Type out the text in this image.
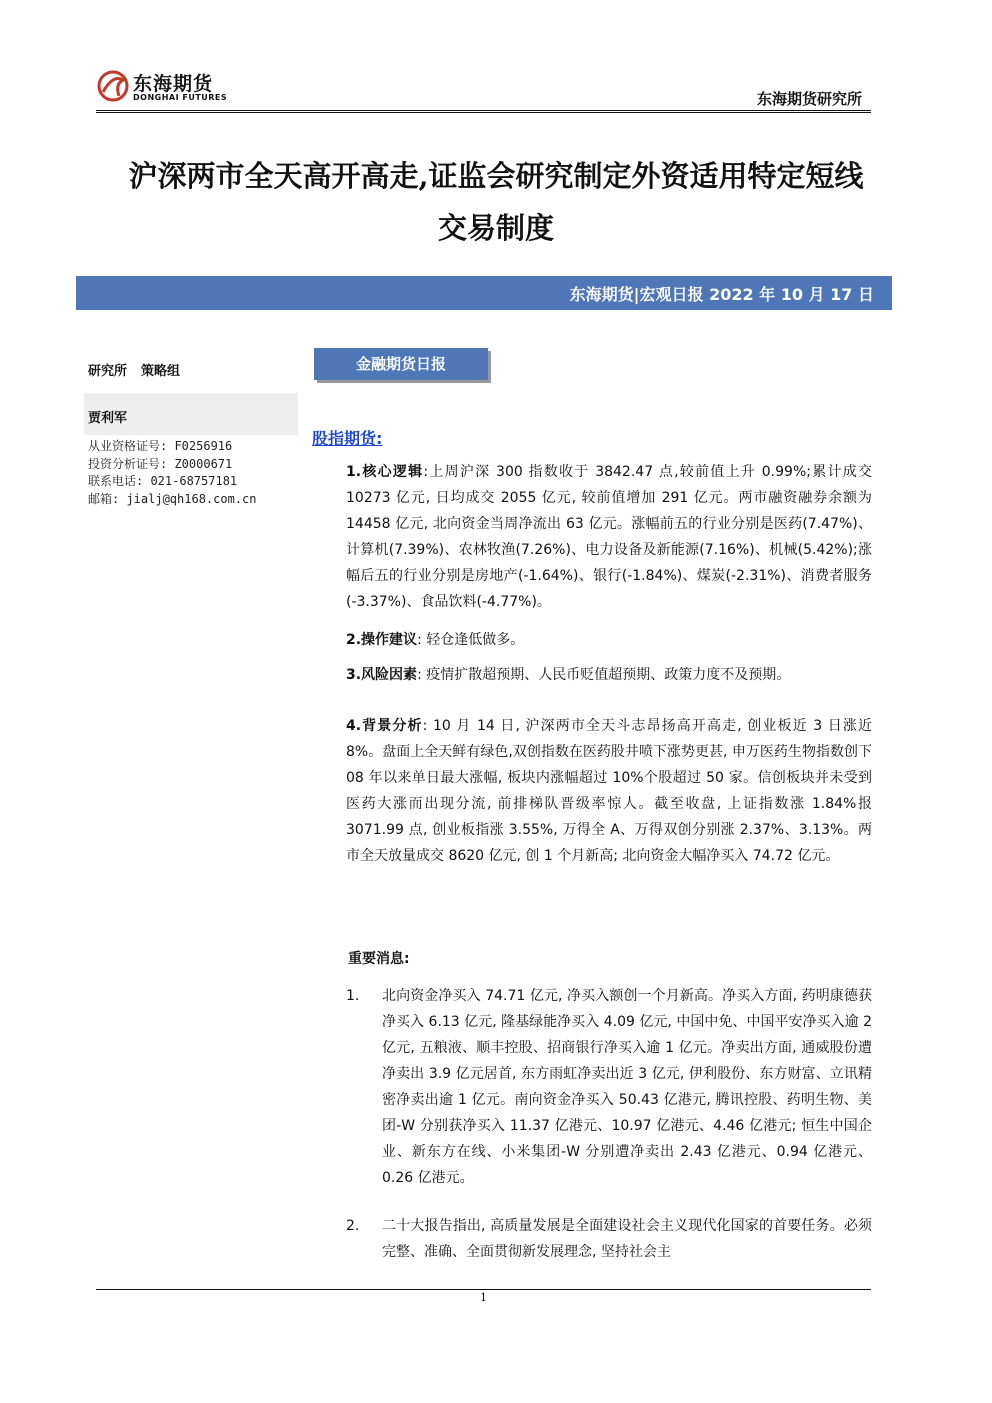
东海期货
DONGHAI FUTURES	东海期货研究所
沪深两市全天高开高走,证监会研究制定外资适用特定短线
交易制度
东海期货|宏观日报 2022 年 10 月 17 日
研究所 策略组
贾利军
从业资格证号: F0256916
投资分析证号: Z0000671
联系电话: 021-68757181
邮箱: jialj@qh168.com.cn
金融期货日报
股指期货:
1.核心逻辑:上周沪深 300 指数收于 3842.47 点,较前值上升 0.99%;累计成交 10273 亿元, 日均成交 2055 亿元, 较前值增加 291 亿元。两市融资融券余额为 14458 亿元, 北向资金当周净流出 63 亿元。涨幅前五的行业分别是医药(7.47%)、计算机(7.39%)、农林牧渔(7.26%)、电力设备及新能源(7.16%)、机械(5.42%);涨幅后五的行业分别是房地产(-1.64%)、银行(-1.84%)、煤炭(-2.31%)、消费者服务(-3.37%)、食品饮料(-4.77%)。
2.操作建议: 轻仓逢低做多。
3.风险因素: 疫情扩散超预期、人民币贬值超预期、政策力度不及预期。
4.背景分析: 10 月 14 日, 沪深两市全天斗志昂扬高开高走, 创业板近 3 日涨近 8%。盘面上全天鲜有绿色,双创指数在医药股井喷下涨势更甚, 申万医药生物指数创下 08 年以来单日最大涨幅, 板块内涨幅超过 10%个股超过 50 家。信创板块并未受到医药大涨而出现分流, 前排梯队晋级率惊人。截至收盘, 上证指数涨 1.84%报 3071.99 点, 创业板指涨 3.55%, 万得全 A、万得双创分别涨 2.37%、3.13%。两市全天放量成交 8620 亿元, 创 1 个月新高; 北向资金大幅净买入 74.72 亿元。
重要消息:
1. 北向资金净买入 74.71 亿元, 净买入额创一个月新高。净买入方面, 药明康德获净买入 6.13 亿元, 隆基绿能净买入 4.09 亿元, 中国中免、中国平安净买入逾 2 亿元, 五粮液、顺丰控股、招商银行净买入逾 1 亿元。净卖出方面, 通威股份遭净卖出 3.9 亿元居首, 东方雨虹净卖出近 3 亿元, 伊利股份、东方财富、立讯精密净卖出逾 1 亿元。南向资金净买入 50.43 亿港元, 腾讯控股、药明生物、美团-W 分别获净买入 11.37 亿港元、10.97 亿港元、4.46 亿港元; 恒生中国企业、新东方在线、小米集团-W 分别遭净卖出 2.43 亿港元、0.94 亿港元、0.26 亿港元。
2. 二十大报告指出, 高质量发展是全面建设社会主义现代化国家的首要任务。必须完整、准确、全面贯彻新发展理念, 坚持社会主
1
